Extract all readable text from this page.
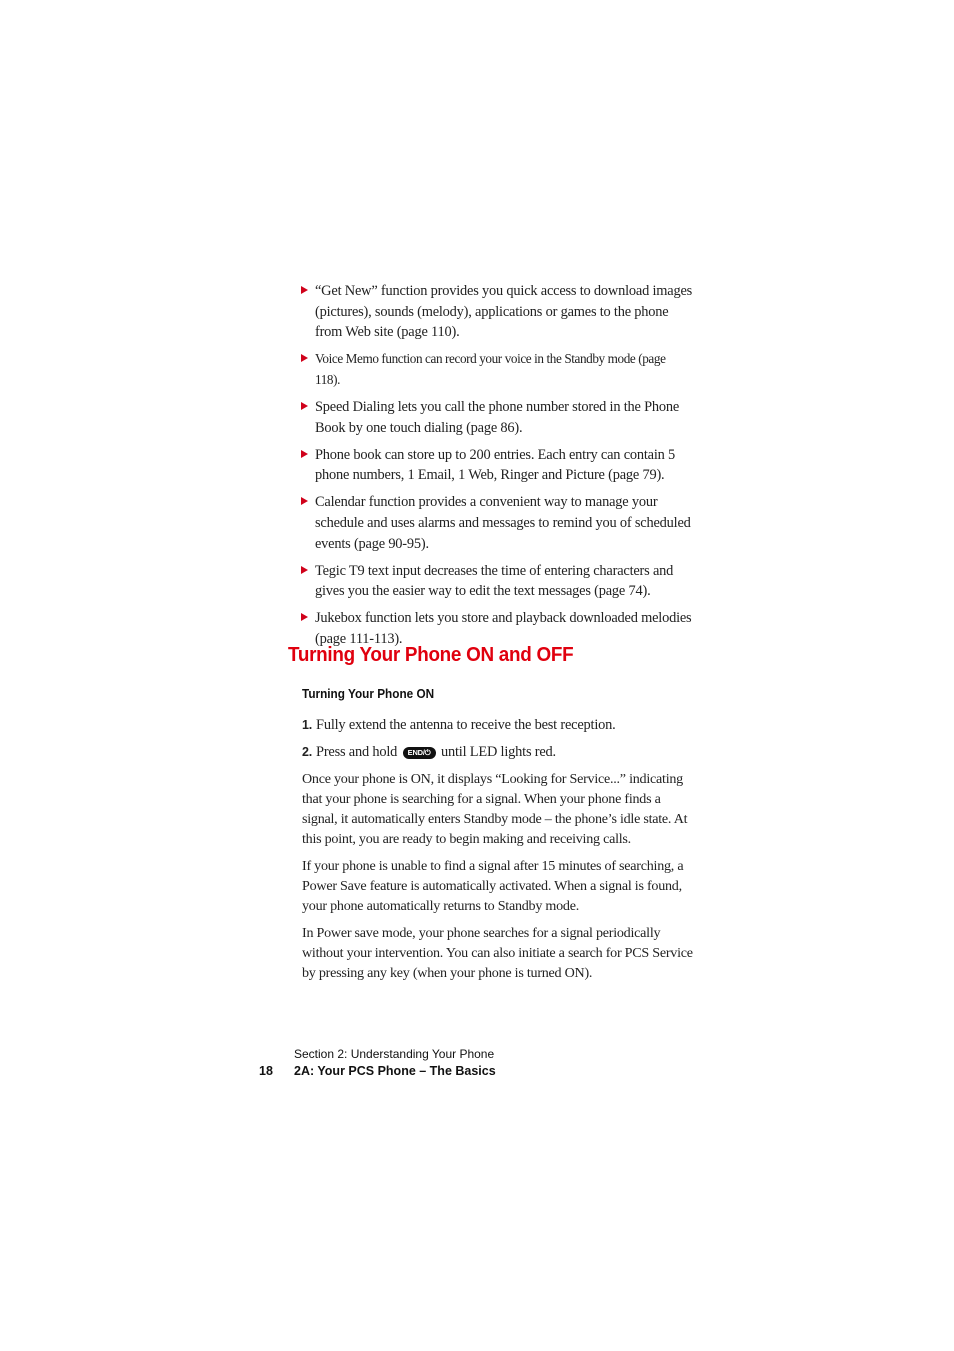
“Get New” function provides you quick access to download images (pictures), sounds (melody), applications or games to the phone from Web site (page 110).
Voice Memo function can record your voice in the Standby mode (page 118).
Speed Dialing lets you call the phone number stored in the Phone Book by one touch dialing (page 86).
Phone book can store up to 200 entries. Each entry can contain 5 phone numbers, 1 Email, 1 Web, Ringer and Picture (page 79).
Calendar function provides a convenient way to manage your schedule and uses alarms and messages to remind you of scheduled events (page 90-95).
Tegic T9 text input decreases the time of entering characters and gives you the easier way to edit the text messages (page 74).
Jukebox function lets you store and playback downloaded melodies (page 111-113).
Turning Your Phone ON and OFF
Turning Your Phone ON
1. Fully extend the antenna to receive the best reception.
2. Press and hold END/⏻ until LED lights red.

Once your phone is ON, it displays “Looking for Service...” indicating that your phone is searching for a signal. When your phone finds a signal, it automatically enters Standby mode – the phone’s idle state. At this point, you are ready to begin making and receiving calls.

If your phone is unable to find a signal after 15 minutes of searching, a Power Save feature is automatically activated. When a signal is found, your phone automatically returns to Standby mode.

In Power save mode, your phone searches for a signal periodically without your intervention. You can also initiate a search for PCS Service by pressing any key (when your phone is turned ON).

Section 2: Understanding Your Phone
18 2A: Your PCS Phone – The Basics
